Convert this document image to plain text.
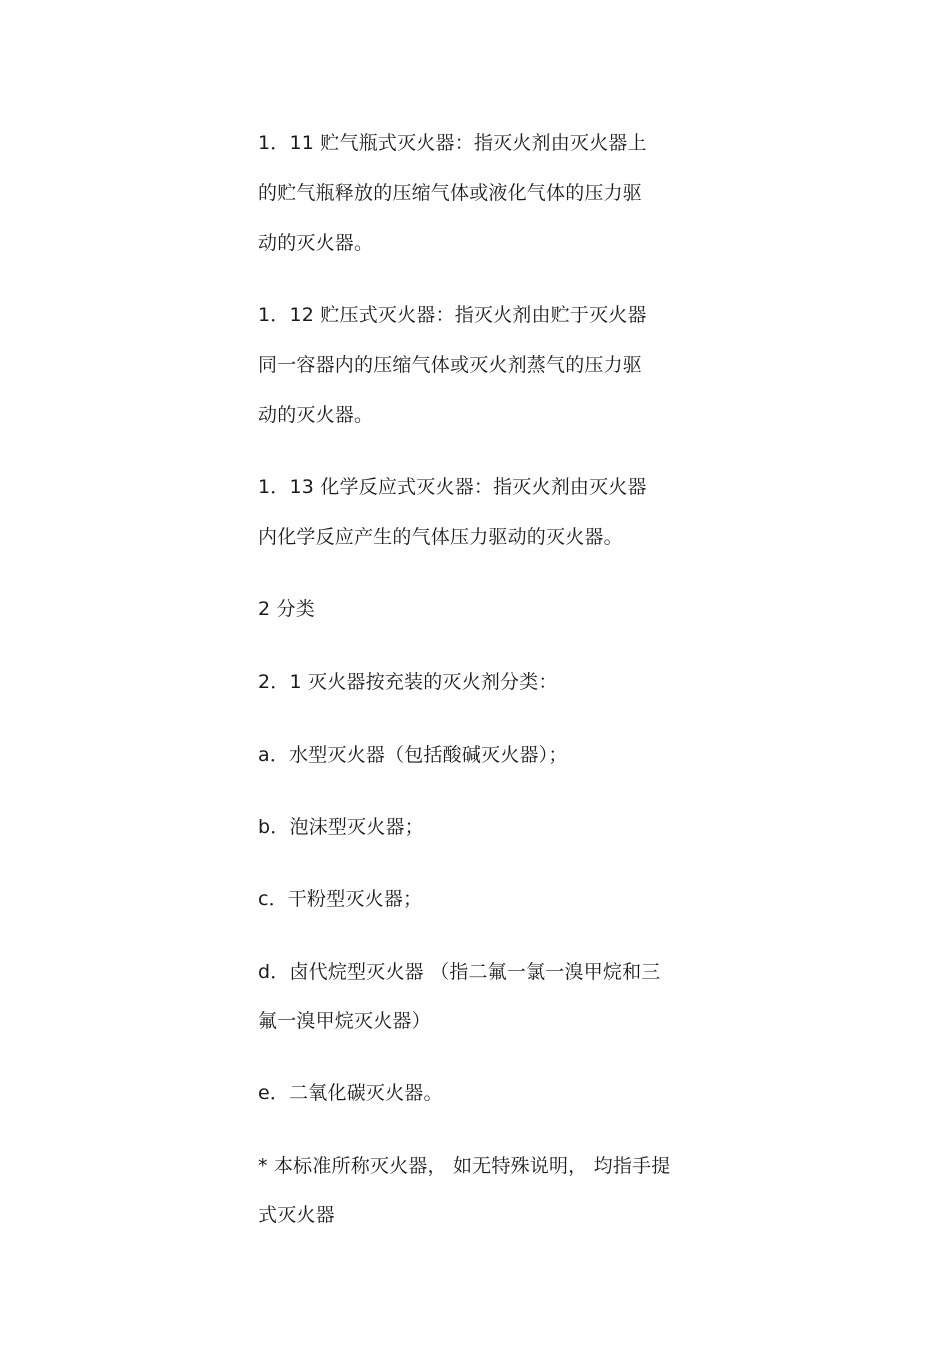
1．11 贮气瓶式灭火器：指灭火剂由灭火器上
的贮气瓶释放的压缩气体或液化气体的压力驱
动的灭火器。
1．12 贮压式灭火器：指灭火剂由贮于灭火器
同一容器内的压缩气体或灭火剂蒸气的压力驱
动的灭火器。
1．13 化学反应式灭火器：指灭火剂由灭火器
内化学反应产生的气体压力驱动的灭火器。
2 分类
2．1 灭火器按充装的灭火剂分类：
a．水型灭火器（包括酸碱灭火器）；
b．泡沫型灭火器；
c．干粉型灭火器；
d．卤代烷型灭火器 （指二氟一氯一溴甲烷和三
氟一溴甲烷灭火器）
e．二氧化碳灭火器。
* 本标准所称灭火器， 如无特殊说明， 均指手提
式灭火器
